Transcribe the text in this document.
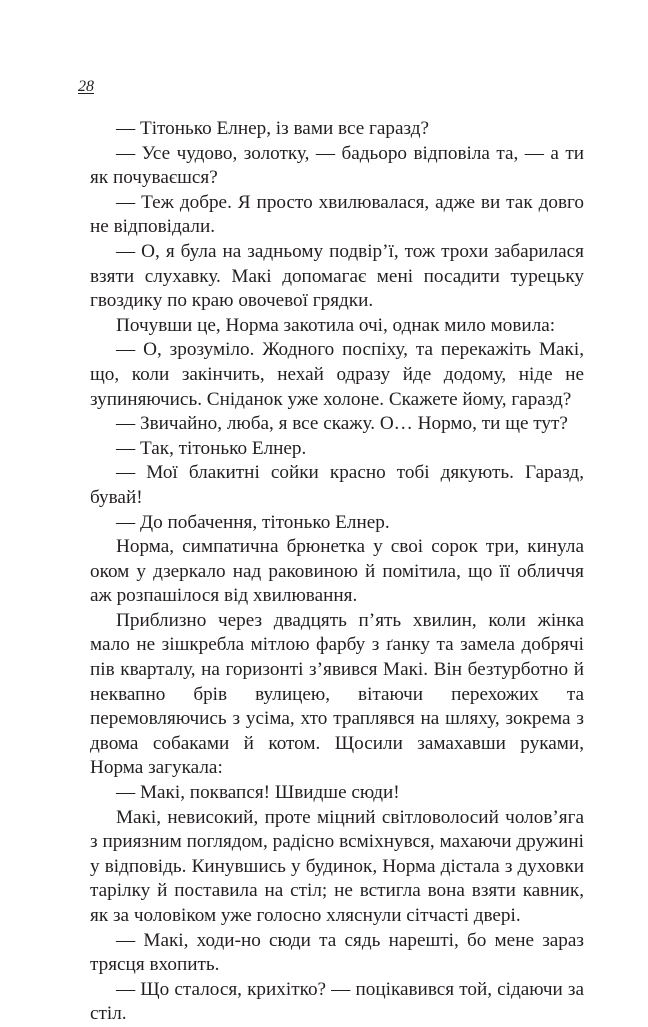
28

— Тітонько Елнер, із вами все гаразд?

— Усе чудово, золотку, — бадьоро відповіла та, — а ти як почуваєшся?

— Теж добре. Я просто хвилювалася, адже ви так довго не відповідали.

— О, я була на задньому подвір’ї, тож трохи забарилася взяти слухавку. Макі допомагає мені посадити турецьку гвоздику по краю овочевої грядки.

Почувши це, Норма закотила очі, однак мило мовила:

— О, зрозуміло. Жодного поспіху, та перекажіть Макі, що, коли закінчить, нехай одразу йде додому, ніде не зупиняючись. Сніданок уже холоне. Скажете йому, гаразд?

— Звичайно, люба, я все скажу. О… Нормо, ти ще тут?

— Так, тітонько Елнер.

— Мої блакитні сойки красно тобі дякують. Гаразд, бувай!

— До побачення, тітонько Елнер.

Норма, симпатична брюнетка у своі сорок три, кинула оком у дзеркало над раковиною й помітила, що її обличчя аж розпашілося від хвилювання.

Приблизно через двадцять п’ять хвилин, коли жінка мало не зішкребла мітлою фарбу з ґанку та замела добрячі пів кварталу, на горизонті з’явився Макі. Він безтурботно й неквапно брів вулицею, вітаючи перехожих та перемовляючись з усіма, хто траплявся на шляху, зокрема з двома собаками й котом. Щосили замахавши руками, Норма загукала:

— Макі, поквапся! Швидше сюди!

Макі, невисокий, проте міцний світловолосий чолов’яга з приязним поглядом, радісно всміхнувся, махаючи дружині у відповідь. Кинувшись у будинок, Норма дістала з духовки тарілку й поставила на стіл; не встигла вона взяти кавник, як за чоловіком уже голосно хляснули сітчасті двері.

— Макі, ходи-но сюди та сядь нарешті, бо мене зараз трясця вхопить.

— Що сталося, крихітко? — поцікавився той, сідаючи за стіл.
